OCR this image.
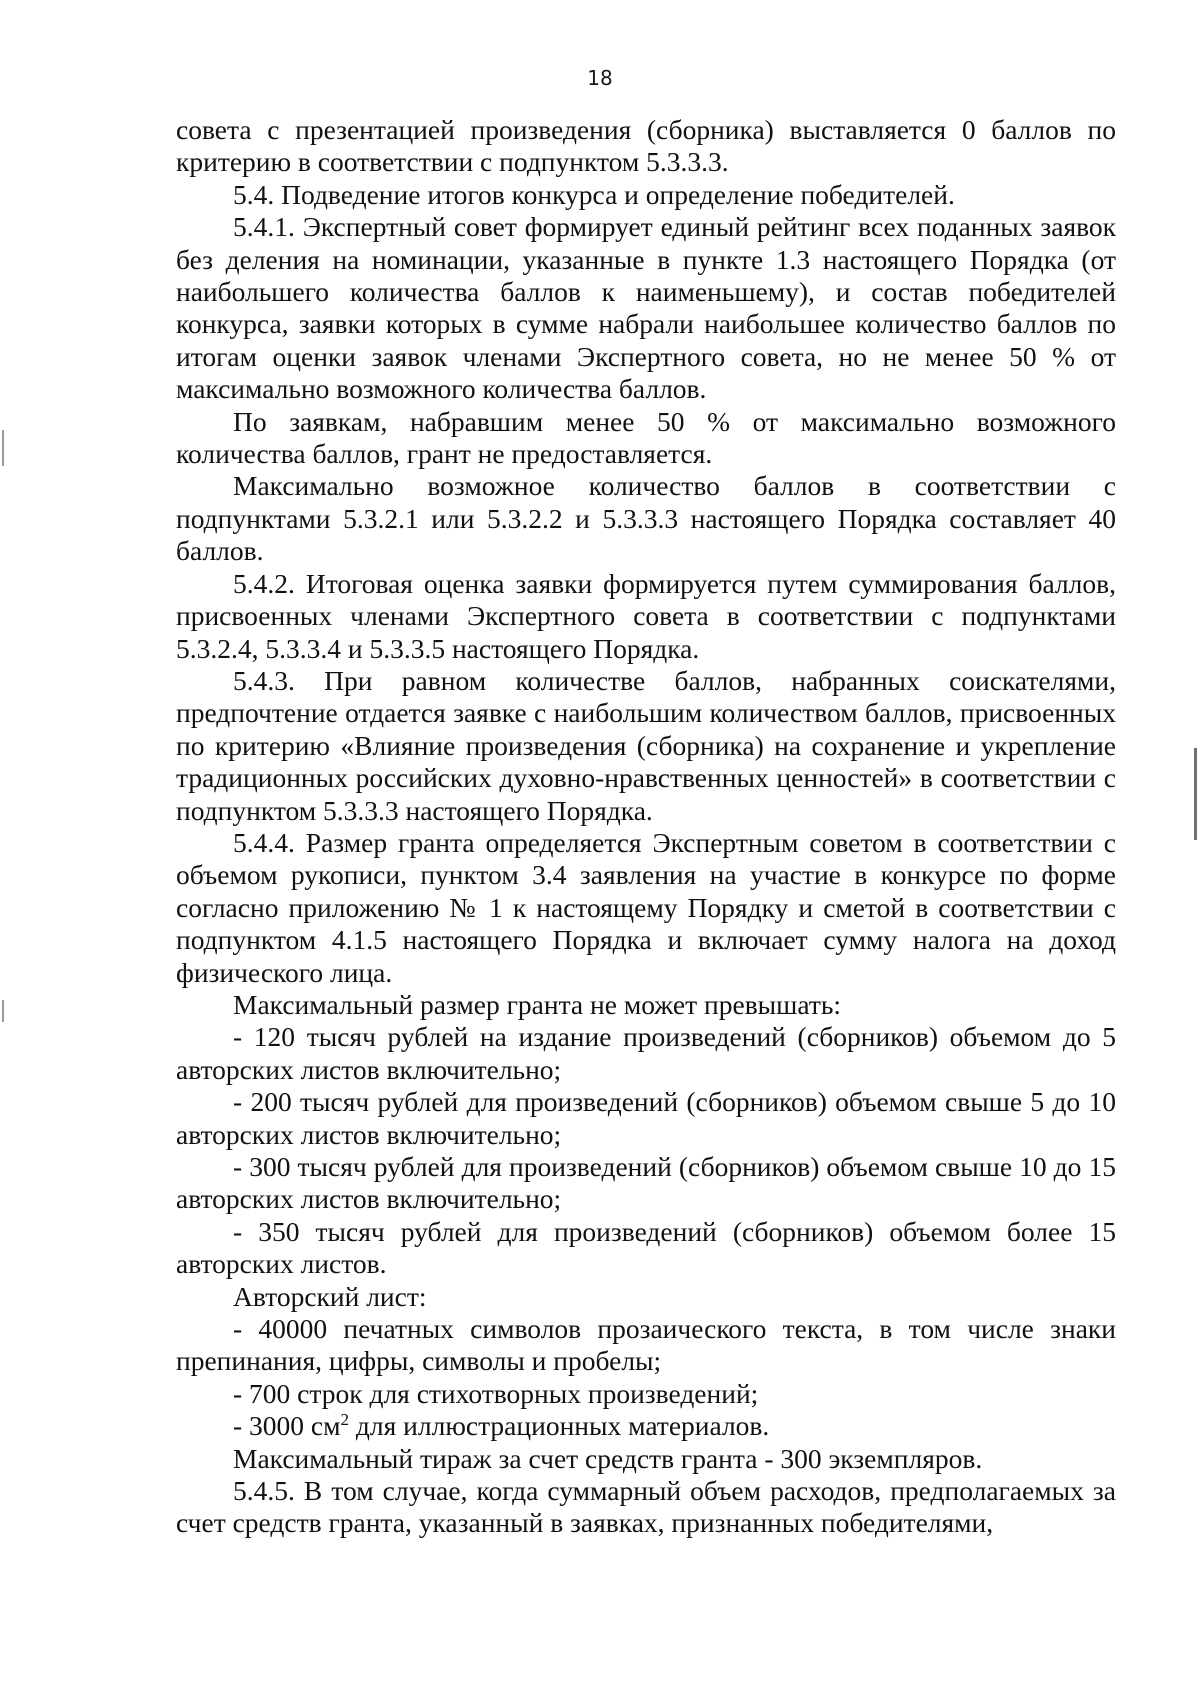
18

совета с презентацией произведения (сборника) выставляется 0 баллов по критерию в соответствии с подпунктом 5.3.3.3.

5.4. Подведение итогов конкурса и определение победителей.

5.4.1. Экспертный совет формирует единый рейтинг всех поданных заявок без деления на номинации, указанные в пункте 1.3 настоящего Порядка (от наибольшего количества баллов к наименьшему), и состав победителей конкурса, заявки которых в сумме набрали наибольшее количество баллов по итогам оценки заявок членами Экспертного совета, но не менее 50 % от максимально возможного количества баллов.

По заявкам, набравшим менее 50 % от максимально возможного количества баллов, грант не предоставляется.

Максимально возможное количество баллов в соответствии с подпунктами 5.3.2.1 или 5.3.2.2 и 5.3.3.3 настоящего Порядка составляет 40 баллов.

5.4.2. Итоговая оценка заявки формируется путем суммирования баллов, присвоенных членами Экспертного совета в соответствии с подпунктами 5.3.2.4, 5.3.3.4 и 5.3.3.5 настоящего Порядка.

5.4.3. При равном количестве баллов, набранных соискателями, предпочтение отдается заявке с наибольшим количеством баллов, присвоенных по критерию «Влияние произведения (сборника) на сохранение и укрепление традиционных российских духовно-нравственных ценностей» в соответствии с подпунктом 5.3.3.3 настоящего Порядка.

5.4.4. Размер гранта определяется Экспертным советом в соответствии с объемом рукописи, пунктом 3.4 заявления на участие в конкурсе по форме согласно приложению № 1 к настоящему Порядку и сметой в соответствии с подпунктом 4.1.5 настоящего Порядка и включает сумму налога на доход физического лица.

Максимальный размер гранта не может превышать:

- 120 тысяч рублей на издание произведений (сборников) объемом до 5 авторских листов включительно;

- 200 тысяч рублей для произведений (сборников) объемом свыше 5 до 10 авторских листов включительно;

- 300 тысяч рублей для произведений (сборников) объемом свыше 10 до 15 авторских листов включительно;

- 350 тысяч рублей для произведений (сборников) объемом более 15 авторских листов.

Авторский лист:

- 40000 печатных символов прозаического текста, в том числе знаки препинания, цифры, символы и пробелы;

- 700 строк для стихотворных произведений;

- 3000 $см^2$ для иллюстрационных материалов.

Максимальный тираж за счет средств гранта - 300 экземпляров.

5.4.5. В том случае, когда суммарный объем расходов, предполагаемых за счет средств гранта, указанный в заявках, признанных победителями,
